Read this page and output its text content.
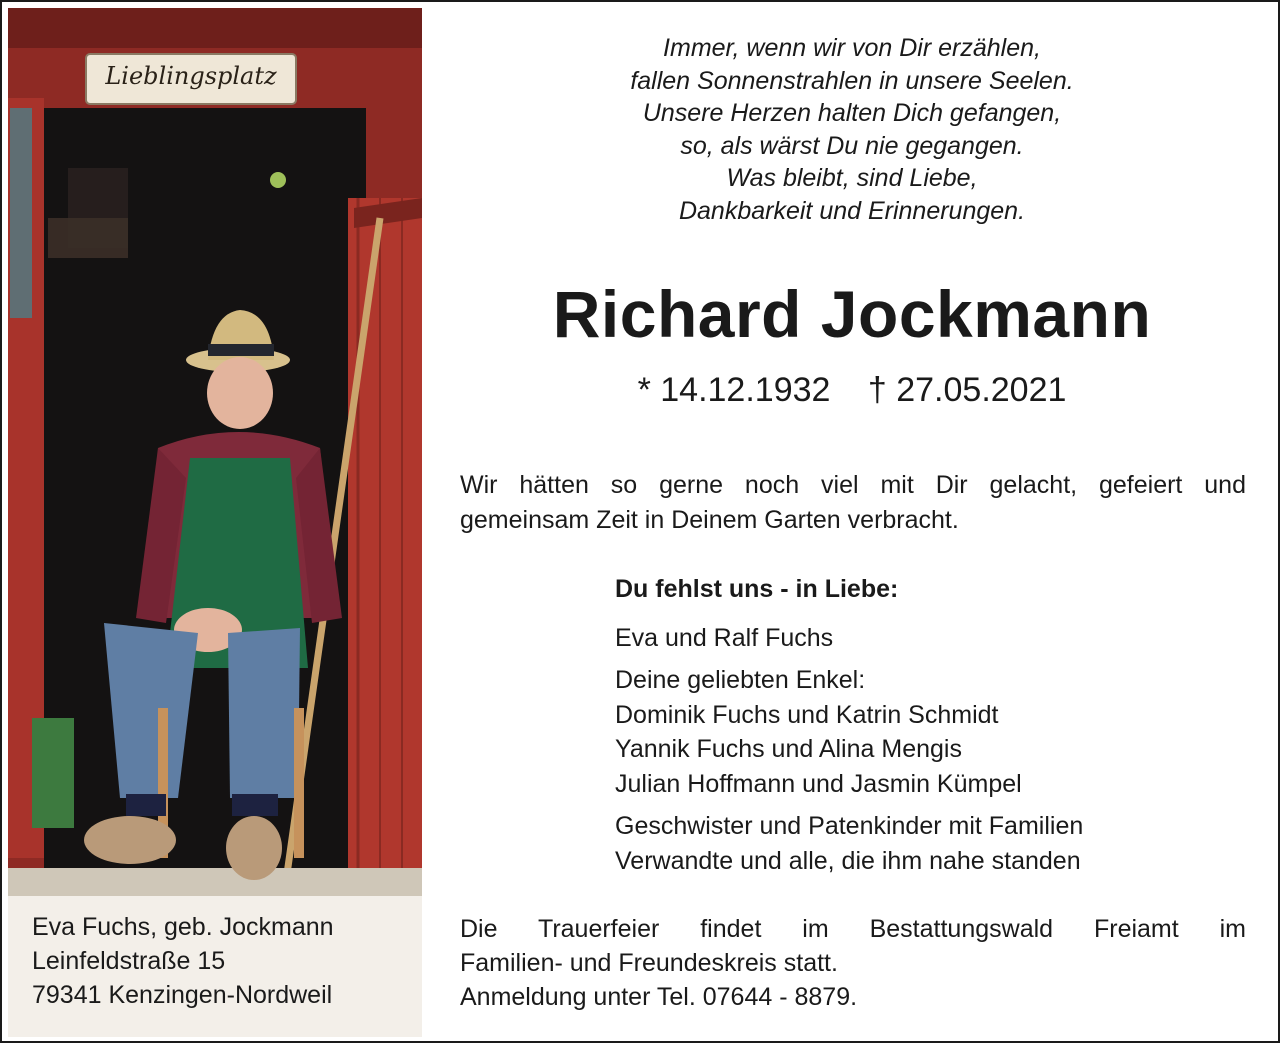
Lieblingsplatz
Eva Fuchs, geb. Jockmann
Leinfeldstraße 15
79341 Kenzingen-Nordweil
Immer, wenn wir von Dir erzählen,
fallen Sonnenstrahlen in unsere Seelen.
Unsere Herzen halten Dich gefangen,
so, als wärst Du nie gegangen.
Was bleibt, sind Liebe,
Dankbarkeit und Erinnerungen.
Richard Jockmann
* 14.12.1932 † 27.05.2021
Wir hätten so gerne noch viel mit Dir gelacht, gefeiert und
gemeinsam Zeit in Deinem Garten verbracht.
Du fehlst uns - in Liebe:
Eva und Ralf Fuchs
Deine geliebten Enkel:
Dominik Fuchs und Katrin Schmidt
Yannik Fuchs und Alina Mengis
Julian Hoffmann und Jasmin Kümpel
Geschwister und Patenkinder mit Familien
Verwandte und alle, die ihm nahe standen
Die Trauerfeier findet im Bestattungswald Freiamt im
Familien- und Freundeskreis statt.
Anmeldung unter Tel. 07644 - 8879.
